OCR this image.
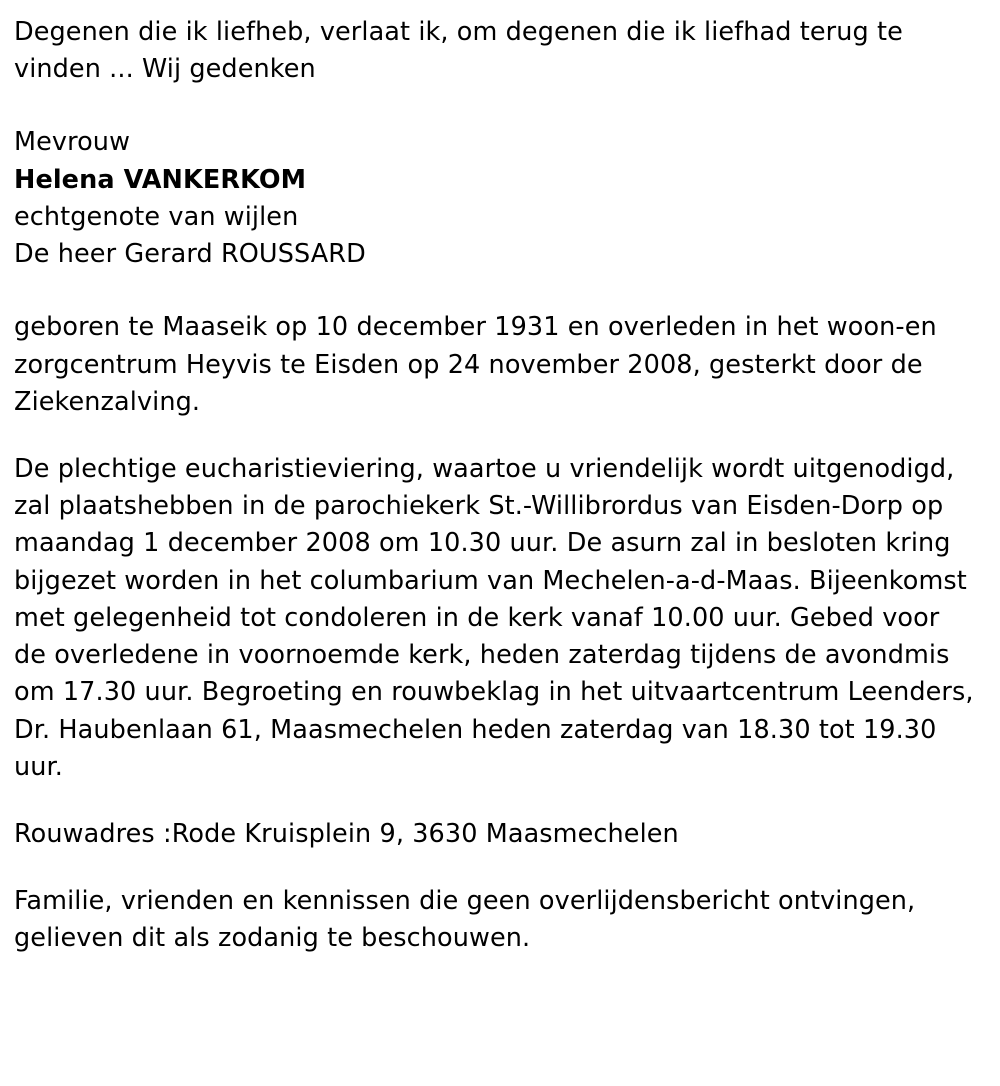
Degenen die ik liefheb, verlaat ik, om degenen die ik liefhad terug te vinden ... Wij gedenken

Mevrouw

Helena VANKERKOM

echtgenote van wijlen

De heer Gerard ROUSSARD

geboren te Maaseik op 10 december 1931 en overleden in het woon-en zorgcentrum Heyvis te Eisden op 24 november 2008, gesterkt door de Ziekenzalving.

De plechtige eucharistieviering, waartoe u vriendelijk wordt uitgenodigd, zal plaatshebben in de parochiekerk St.-Willibrordus van Eisden-Dorp op maandag 1 december 2008 om 10.30 uur. De asurn zal in besloten kring bijgezet worden in het columbarium van Mechelen-a-d-Maas. Bijeenkomst met gelegenheid tot condoleren in de kerk vanaf 10.00 uur. Gebed voor de overledene in voornoemde kerk, heden zaterdag tijdens de avondmis om 17.30 uur. Begroeting en rouwbeklag in het uitvaartcentrum Leenders, Dr. Haubenlaan 61, Maasmechelen heden zaterdag van 18.30 tot 19.30 uur.

Rouwadres :Rode Kruisplein 9, 3630 Maasmechelen

Familie, vrienden en kennissen die geen overlijdensbericht ontvingen, gelieven dit als zodanig te beschouwen.
